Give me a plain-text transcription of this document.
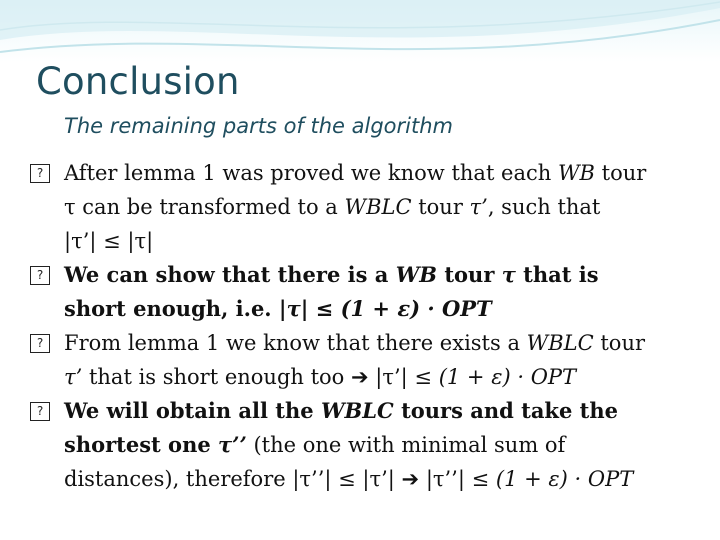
Conclusion
The remaining parts of the algorithm
? After lemma 1 was proved we know that each WB tour
τ can be transformed to a WBLC tour τ’, such that
|τ’| ≤ |τ|
? We can show that there is a WB tour τ that is
short enough, i.e. |τ| ≤ (1 + ε) · OPT
? From lemma 1 we know that there exists a WBLC tour
τ’ that is short enough too ➔ |τ’| ≤ (1 + ε) · OPT
? We will obtain all the WBLC tours and take the
shortest one τ’’ (the one with minimal sum of
distances), therefore |τ’’| ≤ |τ’| ➔ |τ’’| ≤ (1 + ε) · OPT
